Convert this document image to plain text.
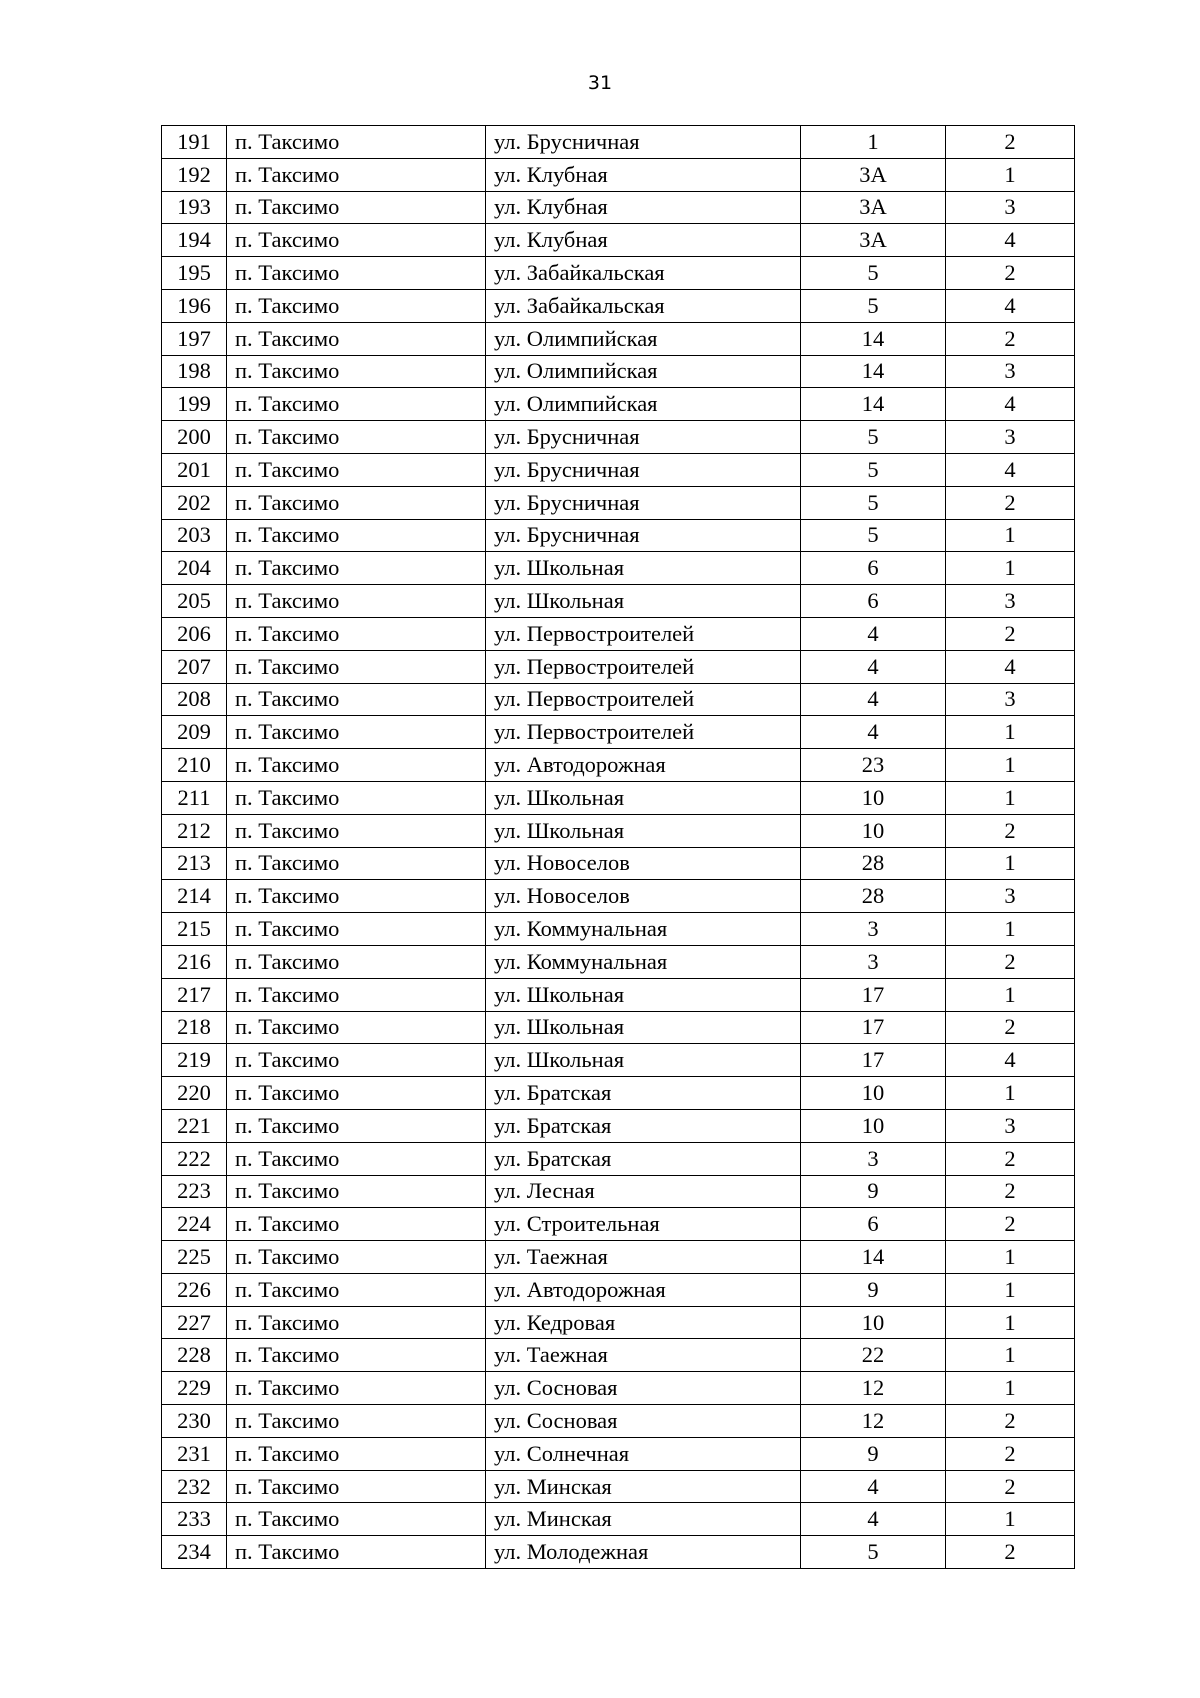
31
191	п. Таксимо	ул. Брусничная	1	2
192	п. Таксимо	ул. Клубная	3А	1
193	п. Таксимо	ул. Клубная	3А	3
194	п. Таксимо	ул. Клубная	3А	4
195	п. Таксимо	ул. Забайкальская	5	2
196	п. Таксимо	ул. Забайкальская	5	4
197	п. Таксимо	ул. Олимпийская	14	2
198	п. Таксимо	ул. Олимпийская	14	3
199	п. Таксимо	ул. Олимпийская	14	4
200	п. Таксимо	ул. Брусничная	5	3
201	п. Таксимо	ул. Брусничная	5	4
202	п. Таксимо	ул. Брусничная	5	2
203	п. Таксимо	ул. Брусничная	5	1
204	п. Таксимо	ул. Школьная	6	1
205	п. Таксимо	ул. Школьная	6	3
206	п. Таксимо	ул. Первостроителей	4	2
207	п. Таксимо	ул. Первостроителей	4	4
208	п. Таксимо	ул. Первостроителей	4	3
209	п. Таксимо	ул. Первостроителей	4	1
210	п. Таксимо	ул. Автодорожная	23	1
211	п. Таксимо	ул. Школьная	10	1
212	п. Таксимо	ул. Школьная	10	2
213	п. Таксимо	ул. Новоселов	28	1
214	п. Таксимо	ул. Новоселов	28	3
215	п. Таксимо	ул. Коммунальная	3	1
216	п. Таксимо	ул. Коммунальная	3	2
217	п. Таксимо	ул. Школьная	17	1
218	п. Таксимо	ул. Школьная	17	2
219	п. Таксимо	ул. Школьная	17	4
220	п. Таксимо	ул. Братская	10	1
221	п. Таксимо	ул. Братская	10	3
222	п. Таксимо	ул. Братская	3	2
223	п. Таксимо	ул. Лесная	9	2
224	п. Таксимо	ул. Строительная	6	2
225	п. Таксимо	ул. Таежная	14	1
226	п. Таксимо	ул. Автодорожная	9	1
227	п. Таксимо	ул. Кедровая	10	1
228	п. Таксимо	ул. Таежная	22	1
229	п. Таксимо	ул. Сосновая	12	1
230	п. Таксимо	ул. Сосновая	12	2
231	п. Таксимо	ул. Солнечная	9	2
232	п. Таксимо	ул. Минская	4	2
233	п. Таксимо	ул. Минская	4	1
234	п. Таксимо	ул. Молодежная	5	2
